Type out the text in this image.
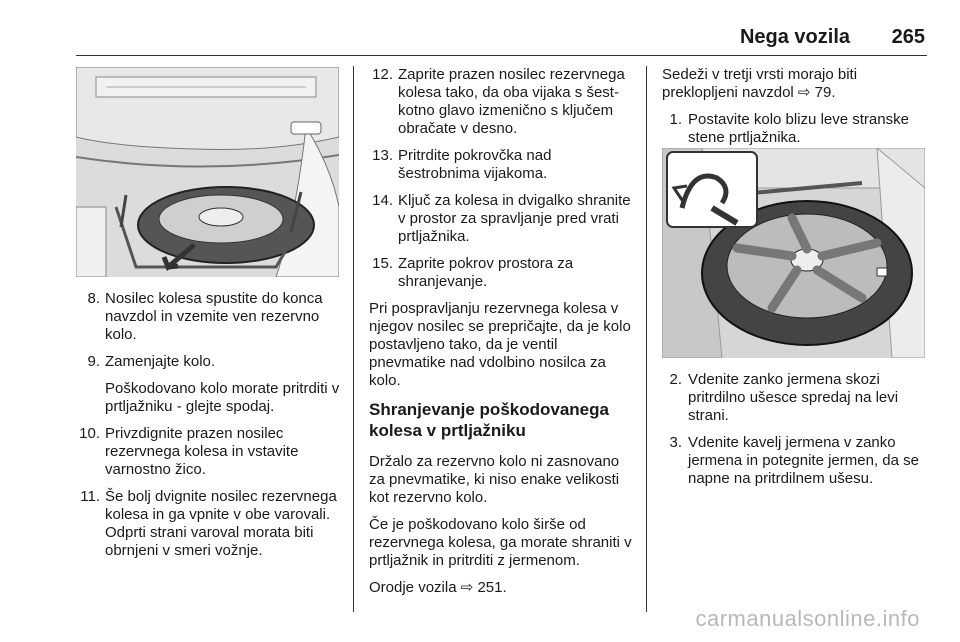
Nega vozila 265
8. Nosilec kolesa spustite do konca navzdol in vzemite ven rezervno kolo.
9. Zamenjajte kolo.
Poškodovano kolo morate pritrditi v prtljažniku - glejte spodaj.
10. Privzdignite prazen nosilec rezervnega kolesa in vstavite varnostno žico.
11. Še bolj dvignite nosilec rezervnega kolesa in ga vpnite v obe varovali. Odprti strani varoval morata biti obrnjeni v smeri vožnje.
12. Zaprite prazen nosilec rezervnega kolesa tako, da oba vijaka s šest-kotno glavo izmenično s ključem obračate v desno.
13. Pritrdite pokrovčka nad šestrobnima vijakoma.
14. Ključ za kolesa in dvigalko shranite v prostor za spravljanje pred vrati prtljažnika.
15. Zaprite pokrov prostora za shranjevanje.

Pri pospravljanju rezervnega kolesa v njegov nosilec se prepričajte, da je kolo postavljeno tako, da je ventil pnevmatike nad vdolbino nosilca za kolo.

Shranjevanje poškodovanega kolesa v prtljažniku

Držalo za rezervno kolo ni zasnovano za pnevmatike, ki niso enake velikosti kot rezervno kolo.

Če je poškodovano kolo širše od rezervnega kolesa, ga morate shraniti v prtljažnik in pritrditi z jermenom.

Orodje vozila ⇨ 251.

Sedeži v tretji vrsti morajo biti preklopljeni navzdol ⇨ 79.

1. Postavite kolo blizu leve stranske stene prtljažnika.
2. Vdenite zanko jermena skozi pritrdilno ušesce spredaj na levi strani.
3. Vdenite kavelj jermena v zanko jermena in potegnite jermen, da se napne na pritrdilnem ušesu.
carmanualsonline.info
